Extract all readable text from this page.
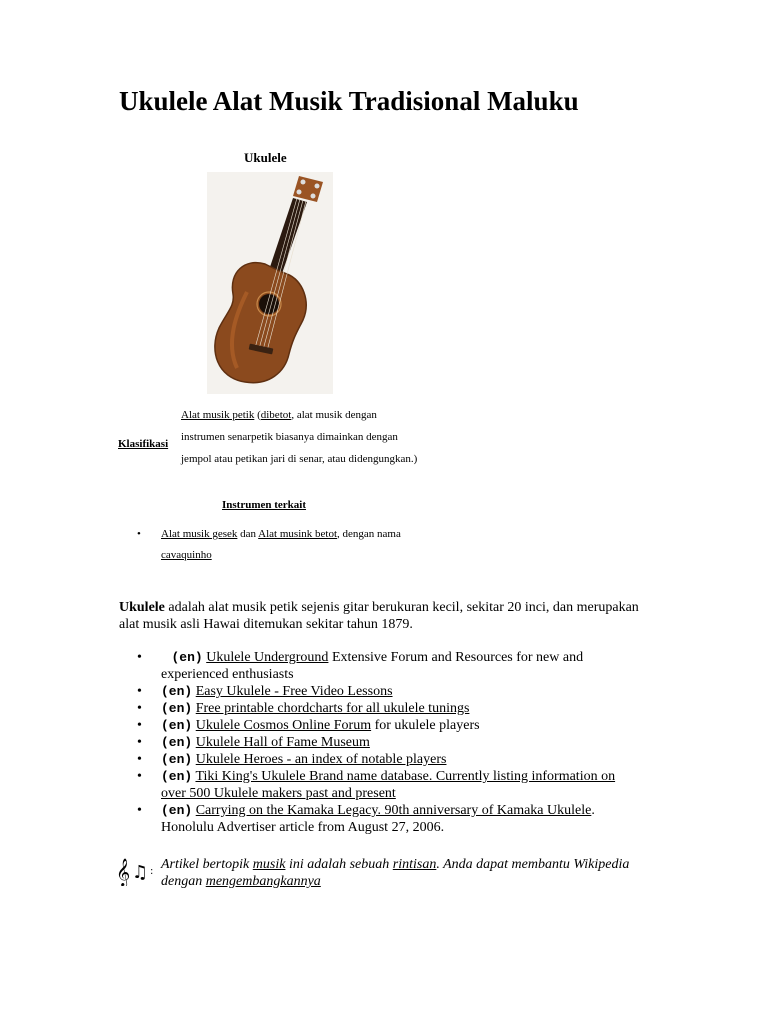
Ukulele Alat Musik Tradisional Maluku
Ukulele
Klasifikasi
Alat musik petik (dibetot, alat musik dengan instrumen senarpetik biasanya dimainkan dengan jempol atau petikan jari di senar, atau didengungkan.)
Instrumen terkait
• Alat musik gesek dan Alat musink betot, dengan nama cavaquinho

Ukulele adalah alat musik petik sejenis gitar berukuran kecil, sekitar 20 inci, dan merupakan alat musik asli Hawai ditemukan sekitar tahun 1879.

• (en) Ukulele Underground Extensive Forum and Resources for new and experienced enthusiasts
• (en) Easy Ukulele - Free Video Lessons
• (en) Free printable chordcharts for all ukulele tunings
• (en) Ukulele Cosmos Online Forum for ukulele players
• (en) Ukulele Hall of Fame Museum
• (en) Ukulele Heroes - an index of notable players
• (en) Tiki King's Ukulele Brand name database. Currently listing information on over 500 Ukulele makers past and present
• (en) Carrying on the Kamaka Legacy. 90th anniversary of Kamaka Ukulele. Honolulu Advertiser article from August 27, 2006.
𝄞 ♫ : Artikel bertopik musik ini adalah sebuah rintisan. Anda dapat membantu Wikipedia dengan mengembangkannya
